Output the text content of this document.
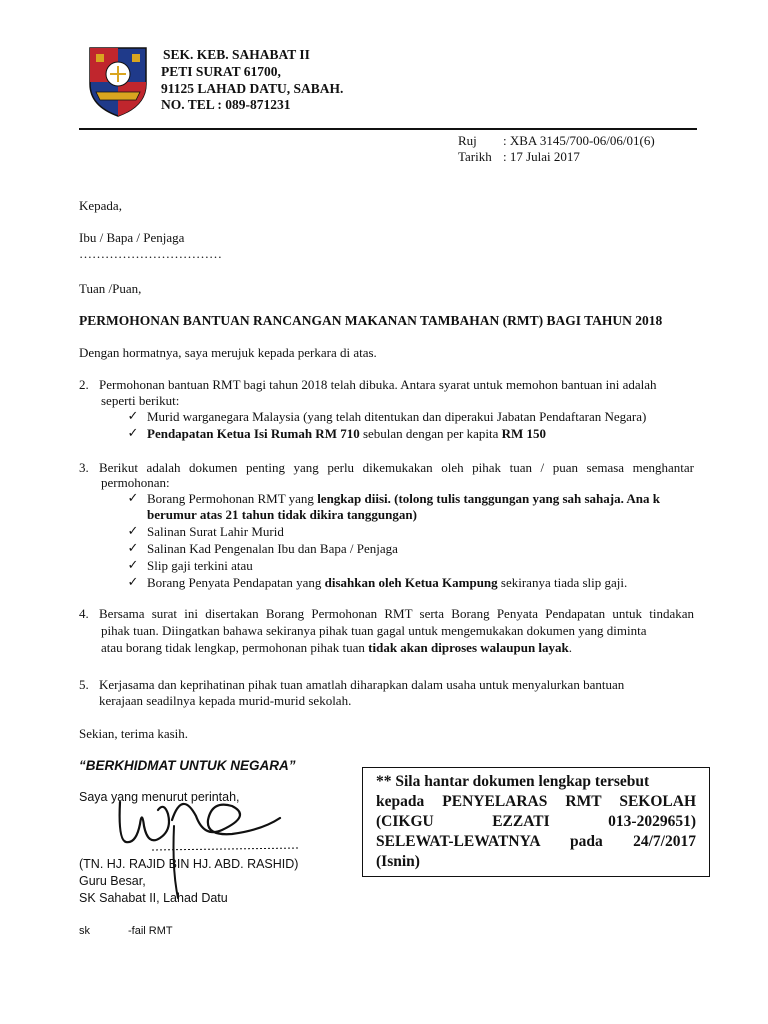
SEK. KEB. SAHABAT II
PETI SURAT 61700,
91125 LAHAD DATU, SABAH.
NO. TEL : 089-871231
Ruj : XBA 3145/700-06/06/01(6)
Tarikh : 17 Julai 2017
Kepada,
Ibu / Bapa / Penjaga
……………………………
Tuan /Puan,
PERMOHONAN BANTUAN RANCANGAN MAKANAN TAMBAHAN (RMT) BAGI TAHUN 2018
Dengan hormatnya, saya merujuk kepada perkara di atas.
2. Permohonan bantuan RMT bagi tahun 2018 telah dibuka. Antara syarat untuk memohon bantuan ini adalah
seperti berikut:
✓ Murid warganegara Malaysia (yang telah ditentukan dan diperakui Jabatan Pendaftaran Negara)
✓ Pendapatan Ketua Isi Rumah RM 710 sebulan dengan per kapita RM 150
3. Berikut adalah dokumen penting yang perlu dikemukakan oleh pihak tuan / puan semasa menghantar
permohonan:
✓ Borang Permohonan RMT yang lengkap diisi. (tolong tulis tanggungan yang sah sahaja. Ana k
berumur atas 21 tahun tidak dikira tanggungan)
✓ Salinan Surat Lahir Murid
✓ Salinan Kad Pengenalan Ibu dan Bapa / Penjaga
✓ Slip gaji terkini atau
✓ Borang Penyata Pendapatan yang disahkan oleh Ketua Kampung sekiranya tiada slip gaji.
4. Bersama surat ini disertakan Borang Permohonan RMT serta Borang Penyata Pendapatan untuk tindakan
pihak tuan. Diingatkan bahawa sekiranya pihak tuan gagal untuk mengemukakan dokumen yang diminta
atau borang tidak lengkap, permohonan pihak tuan tidak akan diproses walaupun layak.
5. Kerjasama dan keprihatinan pihak tuan amatlah diharapkan dalam usaha untuk menyalurkan bantuan
kerajaan seadilnya kepada murid-murid sekolah.
Sekian, terima kasih.
“BERKHIDMAT UNTUK NEGARA”
Saya yang menurut perintah,
(TN. HJ. RAJID BIN HJ. ABD. RASHID)
Guru Besar,
SK Sahabat II, Lahad Datu
sk	-fail RMT
** Sila hantar dokumen lengkap tersebut
kepada PENYELARAS RMT SEKOLAH
(CIKGU	EZZATI	013-2029651)
SELEWAT-LEWATNYA pada 24/7/2017
(Isnin)
